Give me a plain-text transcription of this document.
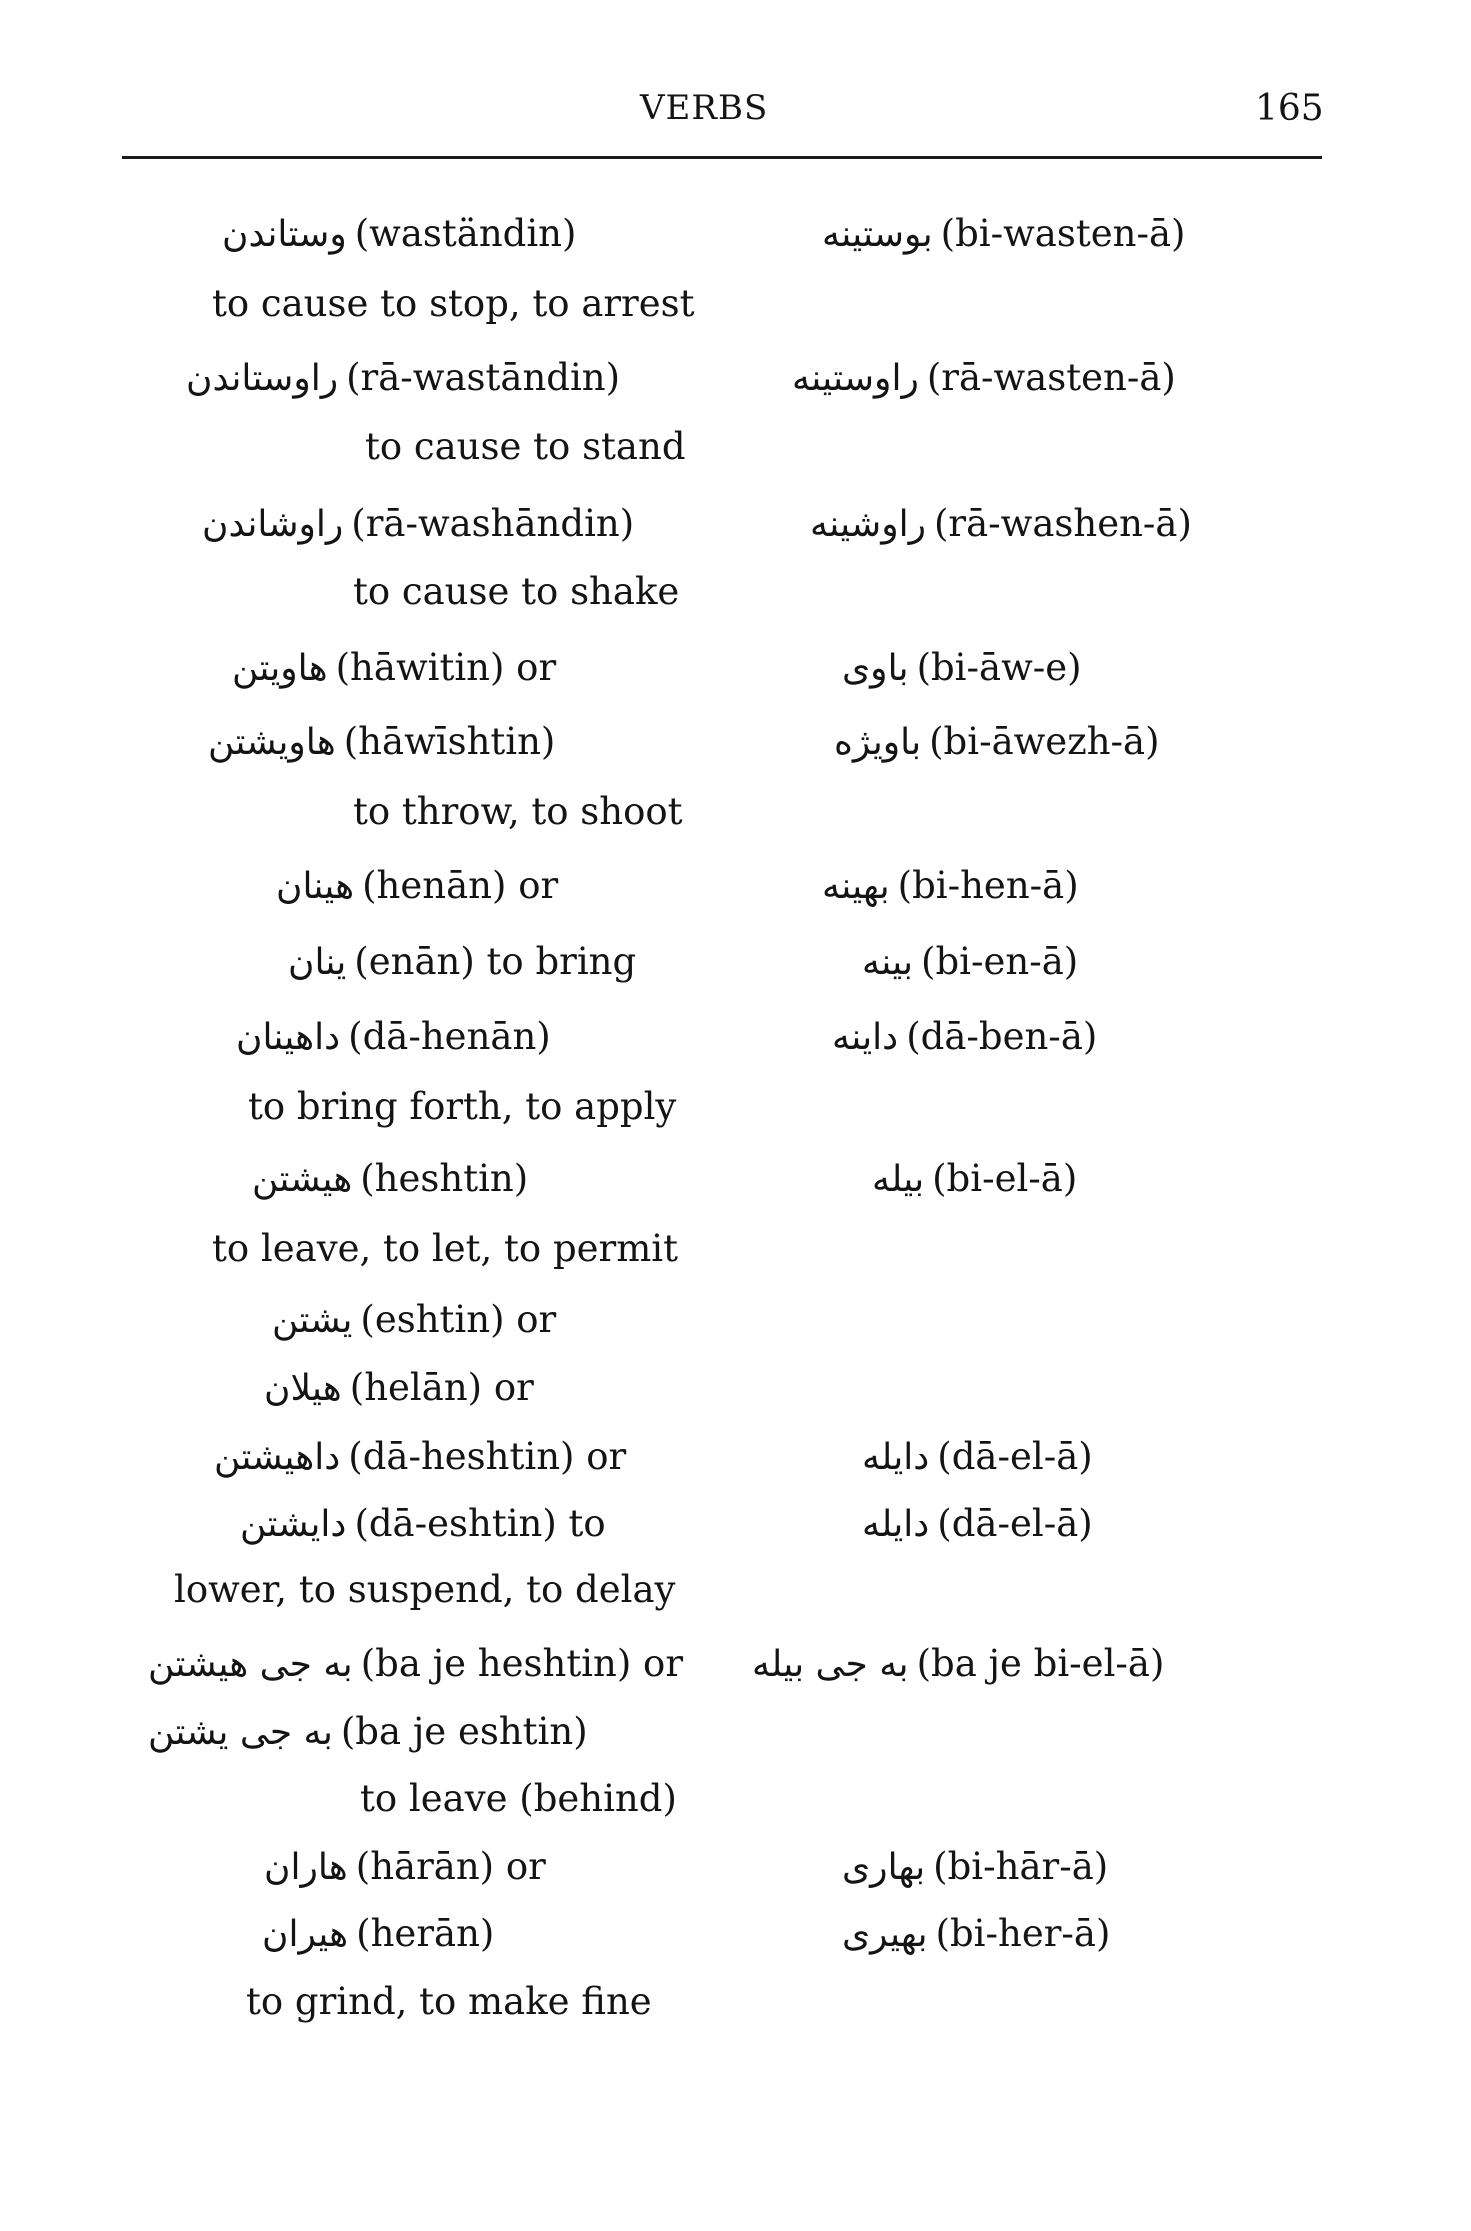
VERBS	165
وستاندن (waständin)	بوستينه (bi-wasten-ā)
to cause to stop, to arrest
راوستاندن (rā-wastāndin)	راوستينه (rā-wasten-ā)
to cause to stand
راوشاندن (rā-washāndin)	راوشينه (rā-washen-ā)
to cause to shake
هاويتن (hāwitin) or	باوى (bi-āw-e)
هاويشتن (hāwīshtin)	باويژه (bi-āwezh-ā)
to throw, to shoot
هينان (henān) or	بهينه (bi-hen-ā)
ينان (enān) to bring	بينه (bi-en-ā)
داهينان (dā-henān)	داينه (dā-ben-ā)
to bring forth, to apply
هيشتن (heshtin)	بيله (bi-el-ā)
to leave, to let, to permit
يشتن (eshtin) or
هيلان (helān) or
داهيشتن (dā-heshtin) or	دايله (dā-el-ā)
دايشتن (dā-eshtin) to	دايله (dā-el-ā)
lower, to suspend, to delay
به جى هيشتن (ba je heshtin) or به جى بيله (ba je bi-el-ā)
به جى يشتن (ba je eshtin)
to leave (behind)
هاران (hārān) or	بهارى (bi-hār-ā)
هيران (herān)	بهيرى (bi-her-ā)
to grind, to make fine
